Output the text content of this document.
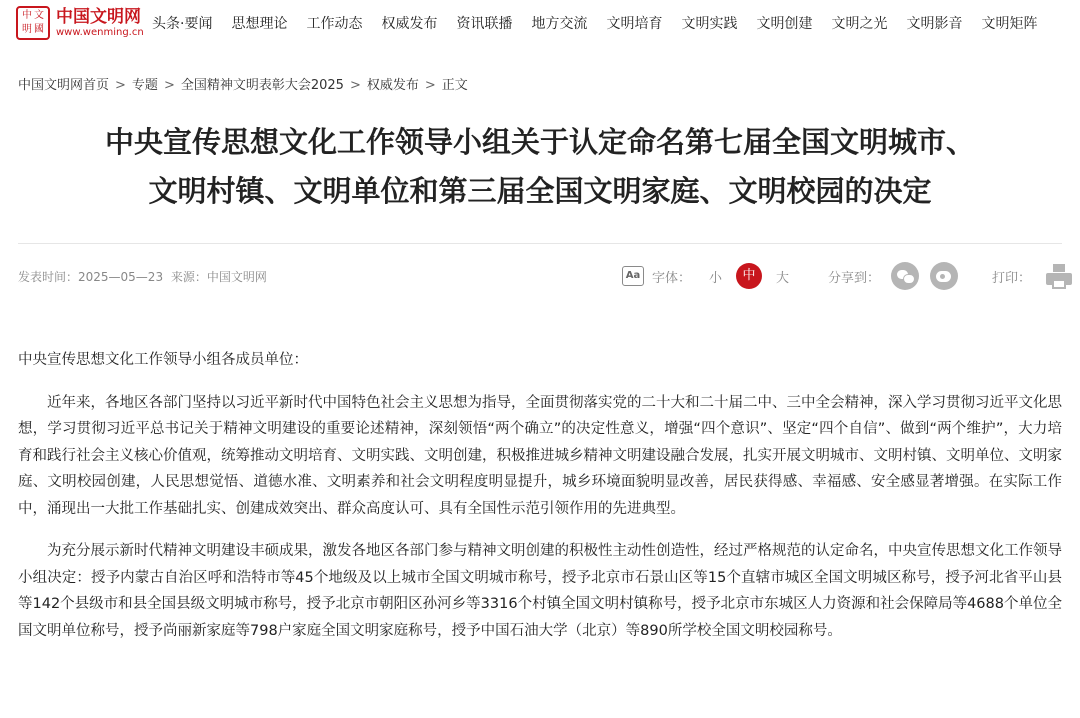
中 文
明 國
中国文明网
www.wenming.cn
头条·要闻 思想理论 工作动态 权威发布 资讯联播 地方交流 文明培育 文明实践 文明创建 文明之光 文明影音 文明矩阵
中国文明网首页 > 专题 > 全国精神文明表彰大会2025 > 权威发布 > 正文
中央宣传思想文化工作领导小组关于认定命名第七届全国文明城市、
文明村镇、文明单位和第三届全国文明家庭、文明校园的决定
发表时间：2025—05—23 来源：中国文明网	Aa 字体： 小	中	大	分享到：	打印：

中央宣传思想文化工作领导小组各成员单位：

近年来，各地区各部门坚持以习近平新时代中国特色社会主义思想为指导，全面贯彻落实党的二十大和二十届二中、三中全会精神，深入学习贯彻习近平文化思想，学习贯彻习近平总书记关于精神文明建设的重要论述精神，深刻领悟“两个确立”的决定性意义，增强“四个意识”、坚定“四个自信”、做到“两个维护”，大力培育和践行社会主义核心价值观，统筹推动文明培育、文明实践、文明创建，积极推进城乡精神文明建设融合发展，扎实开展文明城市、文明村镇、文明单位、文明家庭、文明校园创建，人民思想觉悟、道德水准、文明素养和社会文明程度明显提升，城乡环境面貌明显改善，居民获得感、幸福感、安全感显著增强。在实际工作中，涌现出一大批工作基础扎实、创建成效突出、群众高度认可、具有全国性示范引领作用的先进典型。

为充分展示新时代精神文明建设丰硕成果，激发各地区各部门参与精神文明创建的积极性主动性创造性，经过严格规范的认定命名，中央宣传思想文化工作领导小组决定：授予内蒙古自治区呼和浩特市等45个地级及以上城市全国文明城市称号，授予北京市石景山区等15个直辖市城区全国文明城区称号，授予河北省平山县等142个县级市和县全国县级文明城市称号，授予北京市朝阳区孙河乡等3316个村镇全国文明村镇称号，授予北京市东城区人力资源和社会保障局等4688个单位全国文明单位称号，授予尚丽新家庭等798户家庭全国文明家庭称号，授予中国石油大学（北京）等890所学校全国文明校园称号。
